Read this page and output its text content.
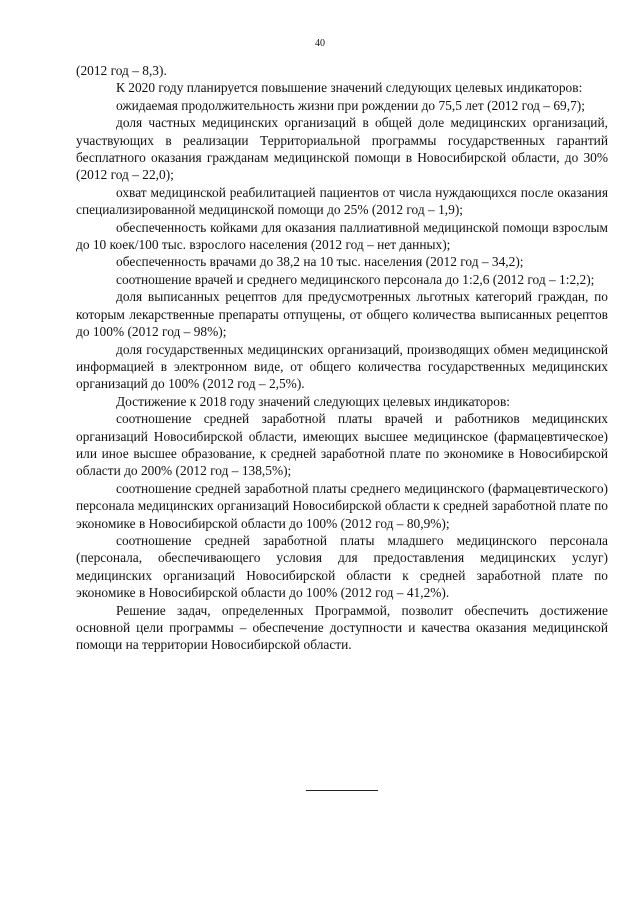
40

(2012 год – 8,3).

К 2020 году планируется повышение значений следующих целевых индикаторов:

ожидаемая продолжительность жизни при рождении до 75,5 лет (2012 год – 69,7);

доля частных медицинских организаций в общей доле медицинских организаций, участвующих в реализации Территориальной программы государственных гарантий бесплатного оказания гражданам медицинской помощи в Новосибирской области, до 30% (2012 год – 22,0);

охват медицинской реабилитацией пациентов от числа нуждающихся после оказания специализированной медицинской помощи до 25% (2012 год – 1,9);

обеспеченность койками для оказания паллиативной медицинской помощи взрослым до 10 коек/100 тыс. взрослого населения (2012 год – нет данных);

обеспеченность врачами до 38,2 на 10 тыс. населения (2012 год – 34,2);

соотношение врачей и среднего медицинского персонала до 1:2,6 (2012 год – 1:2,2);

доля выписанных рецептов для предусмотренных льготных категорий граждан, по которым лекарственные препараты отпущены, от общего количества выписанных рецептов до 100% (2012 год – 98%);

доля государственных медицинских организаций, производящих обмен медицинской информацией в электронном виде, от общего количества государственных медицинских организаций до 100% (2012 год – 2,5%).

Достижение к 2018 году значений следующих целевых индикаторов:

соотношение средней заработной платы врачей и работников медицинских организаций Новосибирской области, имеющих высшее медицинское (фармацевтическое) или иное высшее образование, к средней заработной плате по экономике в Новосибирской области до 200% (2012 год – 138,5%);

соотношение средней заработной платы среднего медицинского (фармацевтического) персонала медицинских организаций Новосибирской области к средней заработной плате по экономике в Новосибирской области до 100% (2012 год – 80,9%);

соотношение средней заработной платы младшего медицинского персонала (персонала, обеспечивающего условия для предоставления медицинских услуг) медицинских организаций Новосибирской области к средней заработной плате по экономике в Новосибирской области до 100% (2012 год – 41,2%).

Решение задач, определенных Программой, позволит обеспечить достижение основной цели программы – обеспечение доступности и качества оказания медицинской помощи на территории Новосибирской области.
